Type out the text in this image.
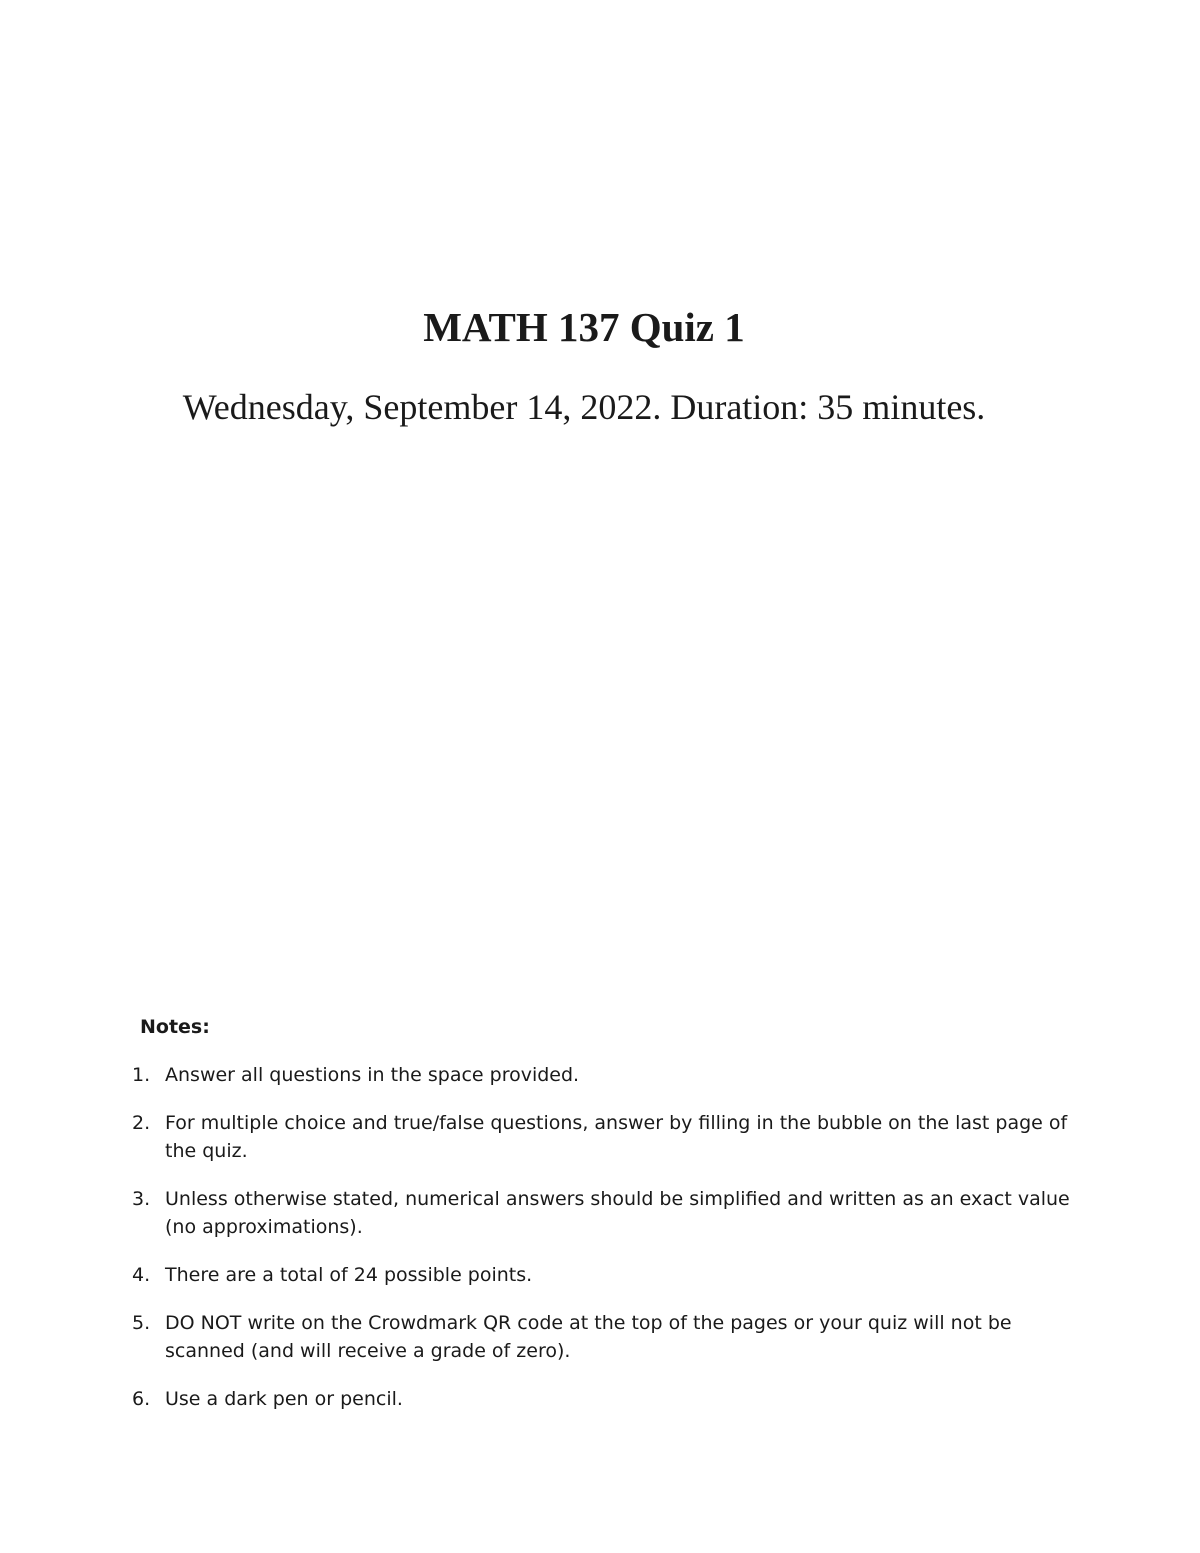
MATH 137 Quiz 1

Wednesday, September 14, 2022. Duration: 35 minutes.

Notes:
1. Answer all questions in the space provided.
2. For multiple choice and true/false questions, answer by filling in the bubble on the last page of the quiz.
3. Unless otherwise stated, numerical answers should be simplified and written as an exact value (no approximations).
4. There are a total of 24 possible points.
5. DO NOT write on the Crowdmark QR code at the top of the pages or your quiz will not be scanned (and will receive a grade of zero).
6. Use a dark pen or pencil.
